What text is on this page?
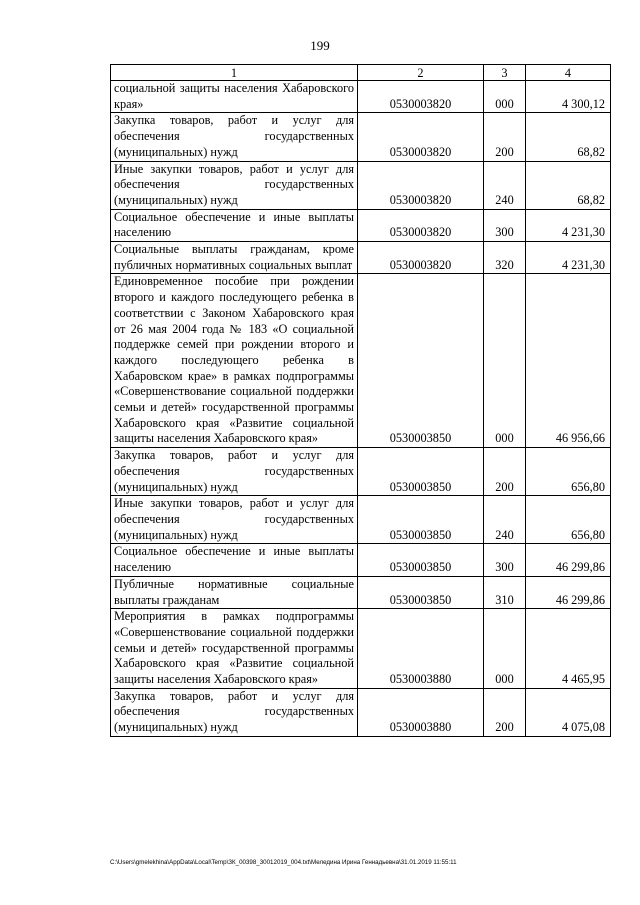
199
1	2	3	4
социальной защиты населения Хабаровского края»	0530003820	000	4 300,12
Закупка товаров, работ и услуг для обеспечения государственных (муниципальных) нужд	0530003820	200	68,82
Иные закупки товаров, работ и услуг для обеспечения государственных (муниципальных) нужд	0530003820	240	68,82
Социальное обеспечение и иные выплаты населению	0530003820	300	4 231,30
Социальные выплаты гражданам, кроме публичных нормативных социальных выплат	0530003820	320	4 231,30
Единовременное пособие при рождении второго и каждого последующего ребенка в соответствии с Законом Хабаровского края от 26 мая 2004 года № 183 «О социальной поддержке семей при рождении второго и каждого последующего ребенка в Хабаровском крае» в рамках подпрограммы «Совершенствование социальной поддержки семьи и детей» государственной программы Хабаровского края «Развитие социальной защиты населения Хабаровского края»	0530003850	000	46 956,66
Закупка товаров, работ и услуг для обеспечения государственных (муниципальных) нужд	0530003850	200	656,80
Иные закупки товаров, работ и услуг для обеспечения государственных (муниципальных) нужд	0530003850	240	656,80
Социальное обеспечение и иные выплаты населению	0530003850	300	46 299,86
Публичные нормативные социальные выплаты гражданам	0530003850	310	46 299,86
Мероприятия в рамках подпрограммы «Совершенствование социальной поддержки семьи и детей» государственной программы Хабаровского края «Развитие социальной защиты населения Хабаровского края»	0530003880	000	4 465,95
Закупка товаров, работ и услуг для обеспечения государственных (муниципальных) нужд	0530003880	200	4 075,08
C:\Users\gmelekhina\AppData\Local\Temp\ЗК_00398_30012019_004.txt\Меледина Ирина Геннадьевна\31.01.2019 11:55:11
